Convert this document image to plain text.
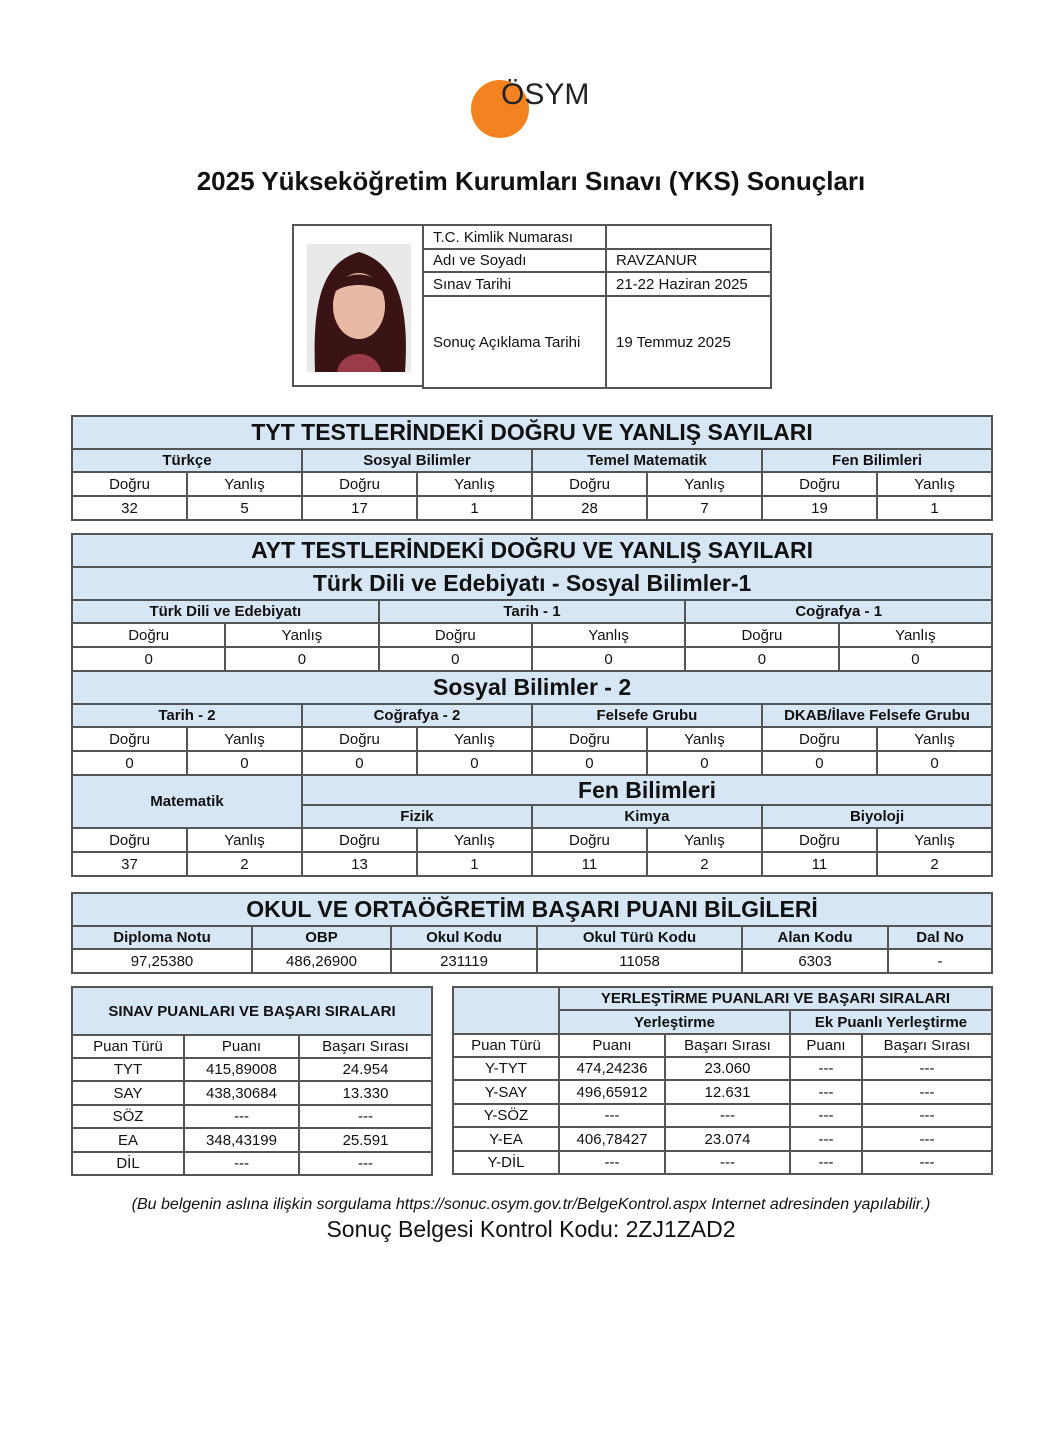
ÖSYM
2025 Yükseköğretim Kurumları Sınavı (YKS) Sonuçları
T.C. Kimlik Numarası	
Adı ve Soyadı	RAVZANUR
Sınav Tarihi	21-22 Haziran 2025
Sonuç Açıklama Tarihi	19 Temmuz 2025
TYT TESTLERİNDEKİ DOĞRU VE YANLIŞ SAYILARI							
Türkçe		Sosyal Bilimler		Temel Matematik		Fen Bilimleri	
Doğru	Yanlış	Doğru	Yanlış	Doğru	Yanlış	Doğru	Yanlış
32	5	17	1	28	7	19	1
AYT TESTLERİNDEKİ DOĞRU VE YANLIŞ SAYILARI											
Türk Dili ve Edebiyatı - Sosyal Bilimler-1											
Türk Dili ve Edebiyatı				Tarih - 1				Coğrafya - 1			
Doğru		Yanlış		Doğru		Yanlış		Doğru		Yanlış	
0		0		0		0		0		0	
Sosyal Bilimler - 2											
Tarih - 2			Coğrafya - 2			Felsefe Grubu			DKAB/İlave Felsefe Grubu		
Doğru	Yanlış		Doğru		Yanlış	Doğru	Yanlış		Doğru		Yanlış
0	0		0		0	0	0		0		0
Matematik			Fen Bilimleri								
			Fizik			Kimya			Biyoloji		
Doğru	Yanlış		Doğru		Yanlış	Doğru	Yanlış		Doğru		Yanlış
37	2		13		1	11	2		11		2
OKUL VE ORTAÖĞRETİM BAŞARI PUANI BİLGİLERİ					
Diploma Notu	OBP	Okul Kodu	Okul Türü Kodu	Alan Kodu	Dal No
97,25380	486,26900	231119	11058	6303	-
SINAV PUANLARI VE BAŞARI SIRALARI		
Puan Türü	Puanı	Başarı Sırası
TYT	415,89008	24.954
SAY	438,30684	13.330
SÖZ	---	---
EA	348,43199	25.591
DİL	---	---
	YERLEŞTİRME PUANLARI VE BAŞARI SIRALARI			
	Yerleştirme		Ek Puanlı Yerleştirme	
Puan Türü	Puanı	Başarı Sırası	Puanı	Başarı Sırası
Y-TYT	474,24236	23.060	---	---
Y-SAY	496,65912	12.631	---	---
Y-SÖZ	---	---	---	---
Y-EA	406,78427	23.074	---	---
Y-DİL	---	---	---	---
(Bu belgenin aslına ilişkin sorgulama https://sonuc.osym.gov.tr/BelgeKontrol.aspx Internet adresinden yapılabilir.)
Sonuç Belgesi Kontrol Kodu: 2ZJ1ZAD2
